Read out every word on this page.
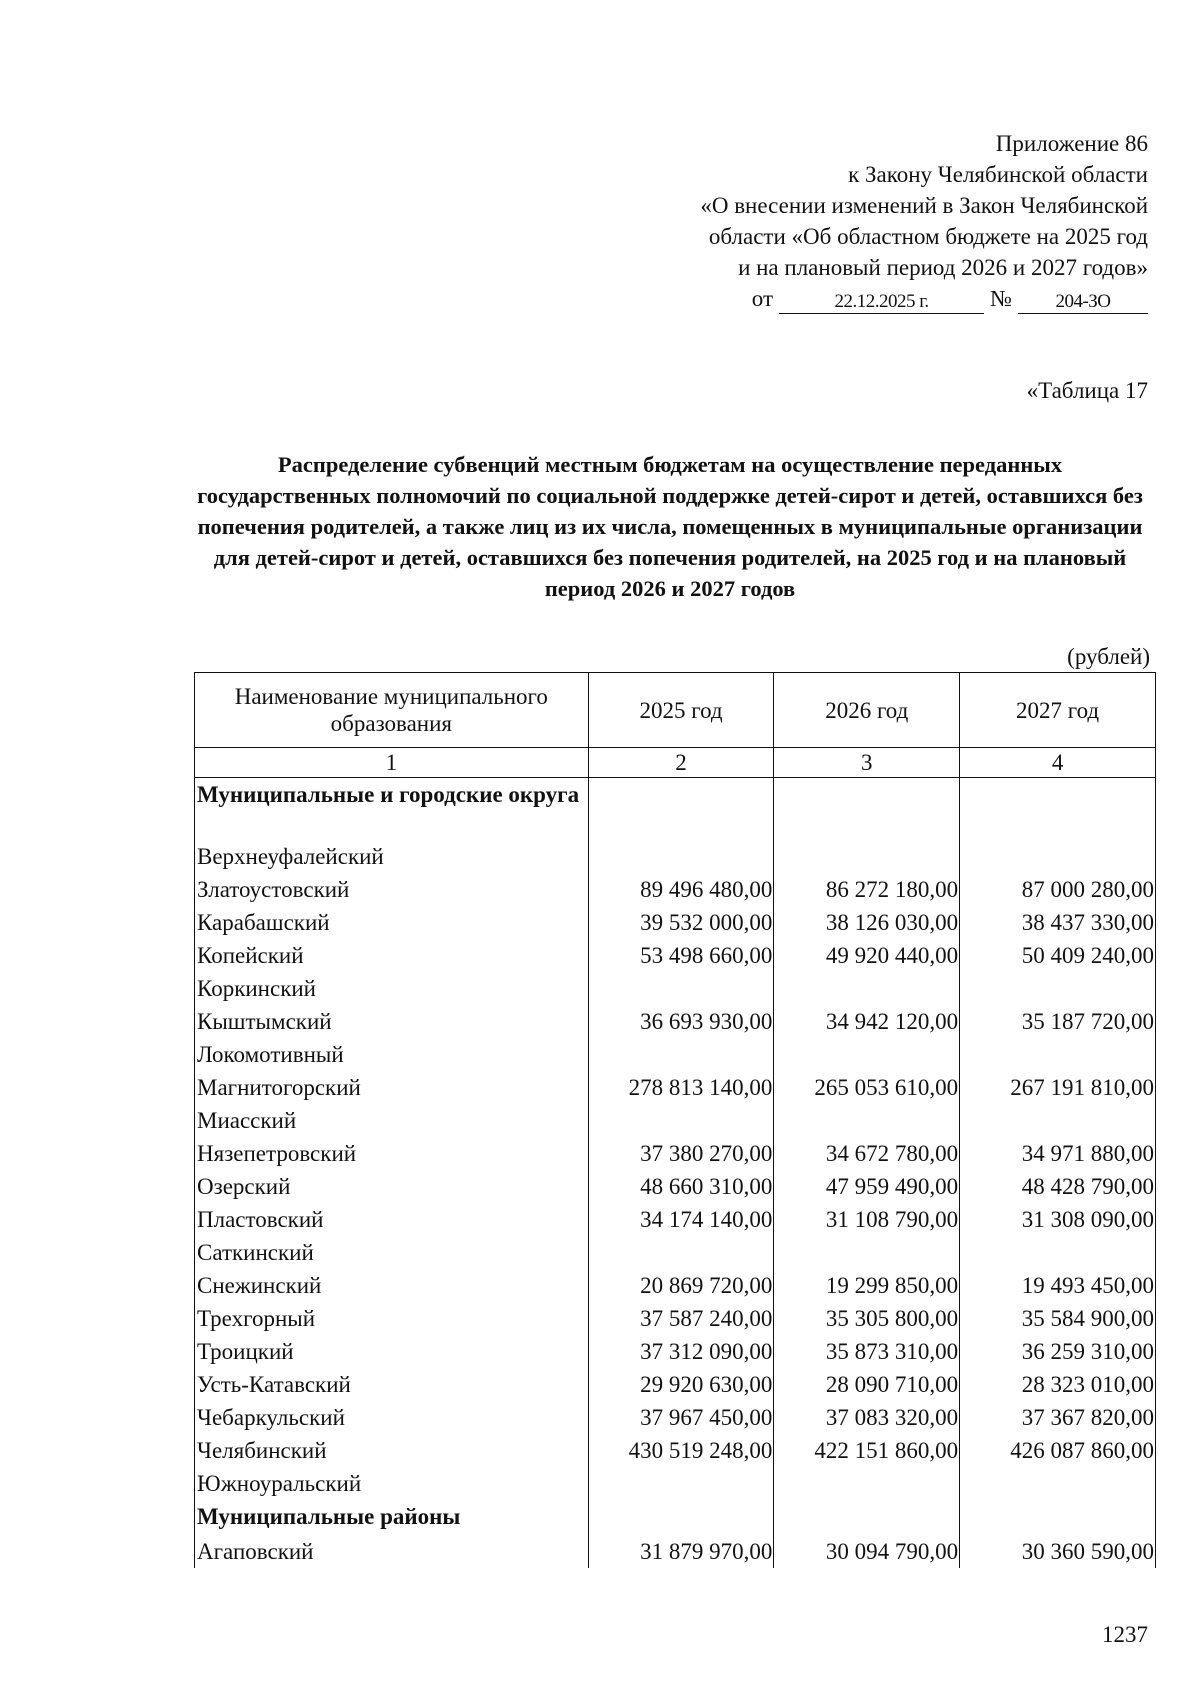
Приложение 86
к Закону Челябинской области
«О внесении изменений в Закон Челябинской
области «Об областном бюджете на 2025 год
и на плановый период 2026 и 2027 годов»
от	22.12.2025 г.	№	204-ЗО
«Таблица 17
Распределение субвенций местным бюджетам на осуществление переданных государственных полномочий по социальной поддержке детей-сирот и детей, оставшихся без попечения родителей, а также лиц из их числа, помещенных в муниципальные организации для детей-сирот и детей, оставшихся без попечения родителей, на 2025 год и на плановый период 2026 и 2027 годов
(рублей)
Наименование муниципального образования	2025 год	2026 год	2027 год
1	2	3	4
Муниципальные и городские округа			
Верхнеуфалейский			
Златоустовский	89 496 480,00	86 272 180,00	87 000 280,00
Карабашский	39 532 000,00	38 126 030,00	38 437 330,00
Копейский	53 498 660,00	49 920 440,00	50 409 240,00
Коркинский			
Кыштымский	36 693 930,00	34 942 120,00	35 187 720,00
Локомотивный			
Магнитогорский	278 813 140,00	265 053 610,00	267 191 810,00
Миасский			
Нязепетровский	37 380 270,00	34 672 780,00	34 971 880,00
Озерский	48 660 310,00	47 959 490,00	48 428 790,00
Пластовский	34 174 140,00	31 108 790,00	31 308 090,00
Саткинский			
Снежинский	20 869 720,00	19 299 850,00	19 493 450,00
Трехгорный	37 587 240,00	35 305 800,00	35 584 900,00
Троицкий	37 312 090,00	35 873 310,00	36 259 310,00
Усть-Катавский	29 920 630,00	28 090 710,00	28 323 010,00
Чебаркульский	37 967 450,00	37 083 320,00	37 367 820,00
Челябинский	430 519 248,00	422 151 860,00	426 087 860,00
Южноуральский			
Муниципальные районы			
Агаповский	31 879 970,00	30 094 790,00	30 360 590,00
1237
